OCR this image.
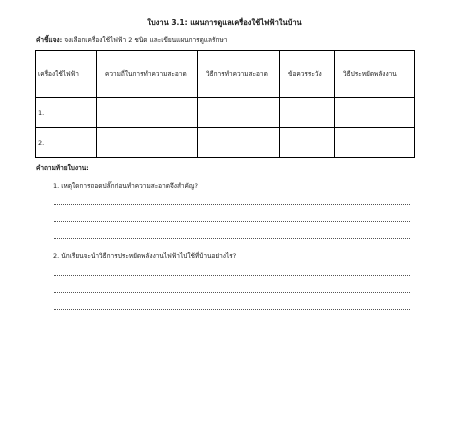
ใบงาน 3.1: แผนการดูแลเครื่องใช้ไฟฟ้าในบ้าน
คำชี้แจง: จงเลือกเครื่องใช้ไฟฟ้า 2 ชนิด และเขียนแผนการดูแลรักษา
เครื่องใช้ไฟฟ้า	ความถี่ในการทำความสะอาด	วิธีการทำความสะอาด	ข้อควรระวัง	วิธีประหยัดพลังงาน
1.				
2.				
คำถามท้ายใบงาน:
1. เหตุใดการถอดปลั๊กก่อนทำความสะอาดจึงสำคัญ?
2. นักเรียนจะนำวิธีการประหยัดพลังงานไฟฟ้าไปใช้ที่บ้านอย่างไร?
